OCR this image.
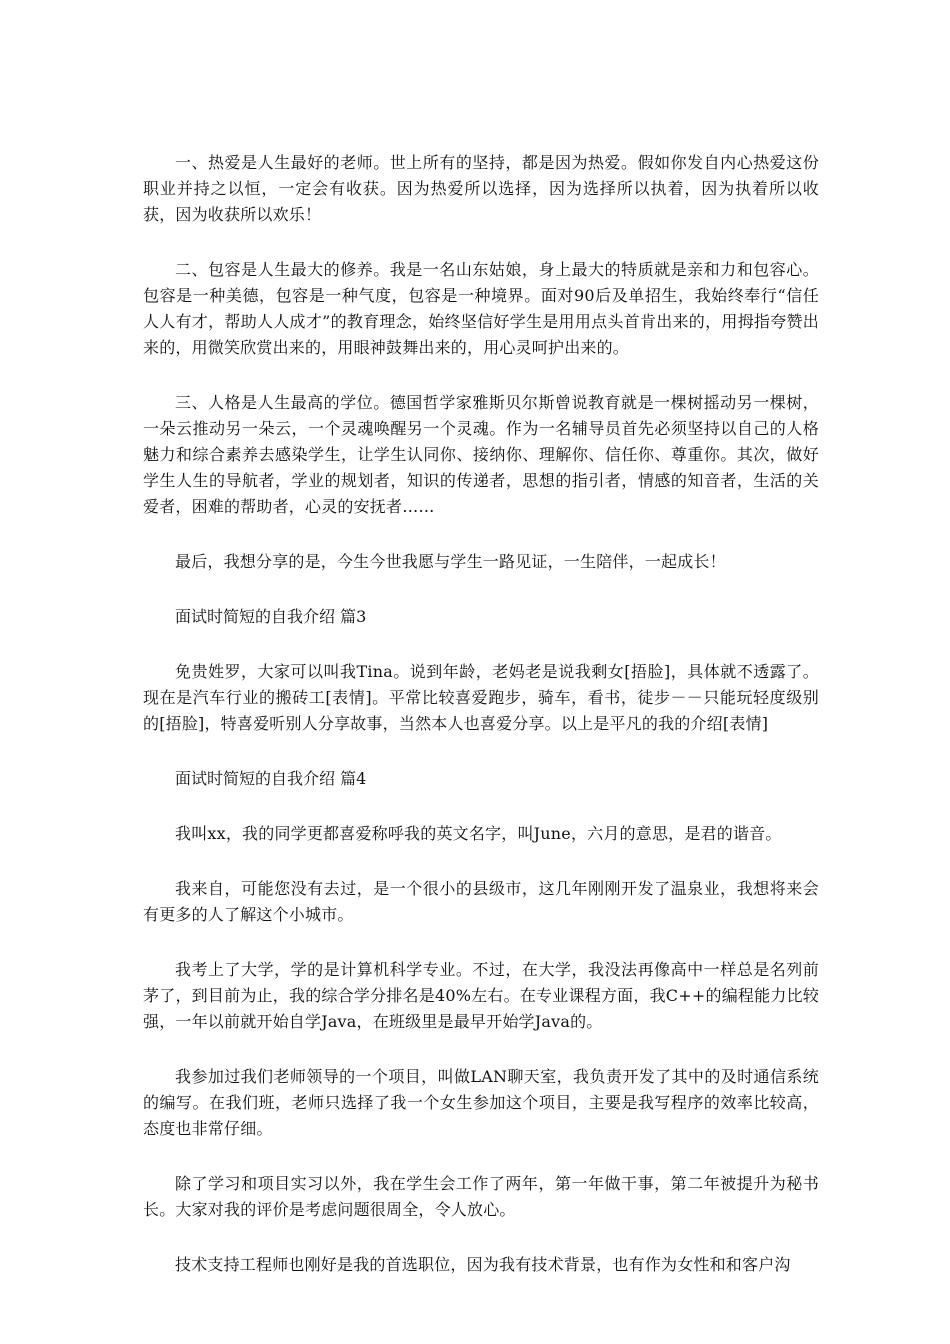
一、热爱是人生最好的老师。世上所有的坚持，都是因为热爱。假如你发自内心热爱这份职业并持之以恒，一定会有收获。因为热爱所以选择，因为选择所以执着，因为执着所以收获，因为收获所以欢乐！

二、包容是人生最大的修养。我是一名山东姑娘，身上最大的特质就是亲和力和包容心。包容是一种美德，包容是一种气度，包容是一种境界。面对90后及单招生，我始终奉行“信任人人有才，帮助人人成才”的教育理念，始终坚信好学生是用用点头首肯出来的，用拇指夸赞出来的，用微笑欣赏出来的，用眼神鼓舞出来的，用心灵呵护出来的。

三、人格是人生最高的学位。德国哲学家雅斯贝尔斯曾说教育就是一棵树摇动另一棵树，一朵云推动另一朵云，一个灵魂唤醒另一个灵魂。作为一名辅导员首先必须坚持以自己的人格魅力和综合素养去感染学生，让学生认同你、接纳你、理解你、信任你、尊重你。其次，做好学生人生的导航者，学业的规划者，知识的传递者，思想的指引者，情感的知音者，生活的关爱者，困难的帮助者，心灵的安抚者……

最后，我想分享的是，今生今世我愿与学生一路见证，一生陪伴，一起成长！

面试时简短的自我介绍 篇3

免贵姓罗，大家可以叫我Tina。说到年龄，老妈老是说我剩女[捂脸]，具体就不透露了。现在是汽车行业的搬砖工[表情]。平常比较喜爱跑步，骑车，看书，徒步－－只能玩轻度级别的[捂脸]，特喜爱听别人分享故事，当然本人也喜爱分享。以上是平凡的我的介绍[表情]

面试时简短的自我介绍 篇4

我叫xx，我的同学更都喜爱称呼我的英文名字，叫June，六月的意思，是君的谐音。

我来自，可能您没有去过，是一个很小的县级市，这几年刚刚开发了温泉业，我想将来会有更多的人了解这个小城市。

我考上了大学，学的是计算机科学专业。不过，在大学，我没法再像高中一样总是名列前茅了，到目前为止，我的综合学分排名是40%左右。在专业课程方面，我C++的编程能力比较强，一年以前就开始自学Java，在班级里是最早开始学Java的。

我参加过我们老师领导的一个项目，叫做LAN聊天室，我负责开发了其中的及时通信系统的编写。在我们班，老师只选择了我一个女生参加这个项目，主要是我写程序的效率比较高，态度也非常仔细。

除了学习和项目实习以外，我在学生会工作了两年，第一年做干事，第二年被提升为秘书长。大家对我的评价是考虑问题很周全，令人放心。

技术支持工程师也刚好是我的首选职位，因为我有技术背景，也有作为女性和和客户沟
